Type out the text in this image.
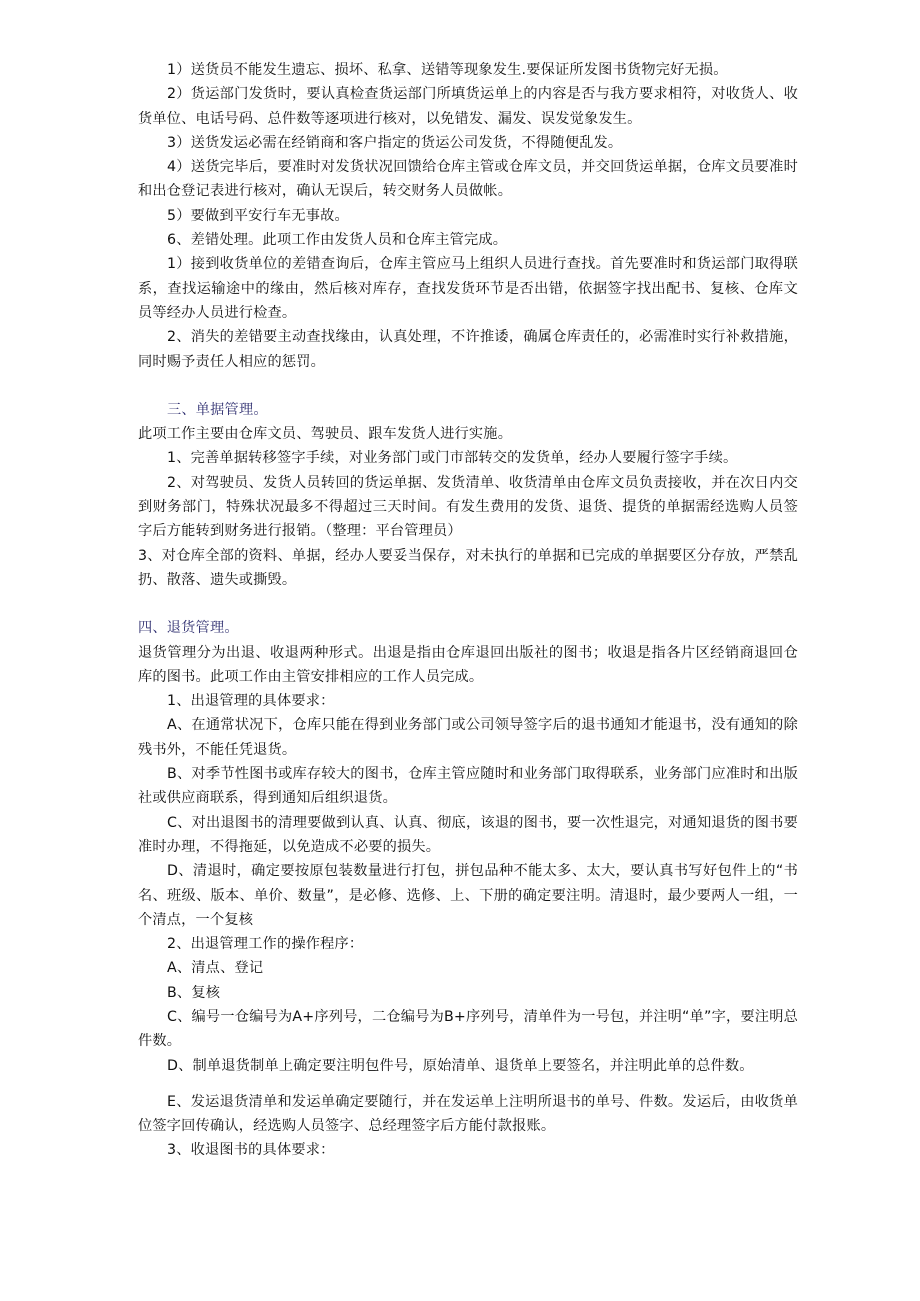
1）送货员不能发生遗忘、损坏、私拿、送错等现象发生.要保证所发图书货物完好无损。

2）货运部门发货时，要认真检查货运部门所填货运单上的内容是否与我方要求相符，对收货人、收货单位、电话号码、总件数等逐项进行核对，以免错发、漏发、误发觉象发生。

3）送货发运必需在经销商和客户指定的货运公司发货，不得随便乱发。

4）送货完毕后，要准时对发货状况回馈给仓库主管或仓库文员，并交回货运单据，仓库文员要准时和出仓登记表进行核对，确认无误后，转交财务人员做帐。

5）要做到平安行车无事故。

6、差错处理。此项工作由发货人员和仓库主管完成。

1）接到收货单位的差错查询后，仓库主管应马上组织人员进行查找。首先要准时和货运部门取得联系，查找运输途中的缘由，然后核对库存，查找发货环节是否出错，依据签字找出配书、复核、仓库文员等经办人员进行检查。

2、消失的差错要主动查找缘由，认真处理，不许推诿，确属仓库责任的，必需准时实行补救措施，同时赐予责任人相应的惩罚。

三、单据管理。

此项工作主要由仓库文员、驾驶员、跟车发货人进行实施。

1、完善单据转移签字手续，对业务部门或门市部转交的发货单，经办人要履行签字手续。

2、对驾驶员、发货人员转回的货运单据、发货清单、收货清单由仓库文员负责接收，并在次日内交到财务部门，特殊状况最多不得超过三天时间。有发生费用的发货、退货、提货的单据需经选购人员签字后方能转到财务进行报销。（整理：平台管理员）

3、对仓库全部的资料、单据，经办人要妥当保存，对未执行的单据和已完成的单据要区分存放，严禁乱扔、散落、遗失或撕毁。

四、退货管理。

退货管理分为出退、收退两种形式。出退是指由仓库退回出版社的图书；收退是指各片区经销商退回仓库的图书。此项工作由主管安排相应的工作人员完成。

1、出退管理的具体要求：

A、在通常状况下，仓库只能在得到业务部门或公司领导签字后的退书通知才能退书，没有通知的除残书外，不能任凭退货。

B、对季节性图书或库存较大的图书，仓库主管应随时和业务部门取得联系，业务部门应准时和出版社或供应商联系，得到通知后组织退货。

C、对出退图书的清理要做到认真、认真、彻底，该退的图书，要一次性退完，对通知退货的图书要准时办理，不得拖延，以免造成不必要的损失。

D、清退时，确定要按原包装数量进行打包，拼包品种不能太多、太大，要认真书写好包件上的“书名、班级、版本、单价、数量”，是必修、选修、上、下册的确定要注明。清退时，最少要两人一组，一个清点，一个复核

2、出退管理工作的操作程序：

A、清点、登记

B、复核

C、编号一仓编号为A+序列号，二仓编号为B+序列号，清单件为一号包，并注明“单”字，要注明总件数。

D、制单退货制单上确定要注明包件号，原始清单、退货单上要签名，并注明此单的总件数。

E、发运退货清单和发运单确定要随行，并在发运单上注明所退书的单号、件数。发运后，由收货单位签字回传确认，经选购人员签字、总经理签字后方能付款报账。

3、收退图书的具体要求：
